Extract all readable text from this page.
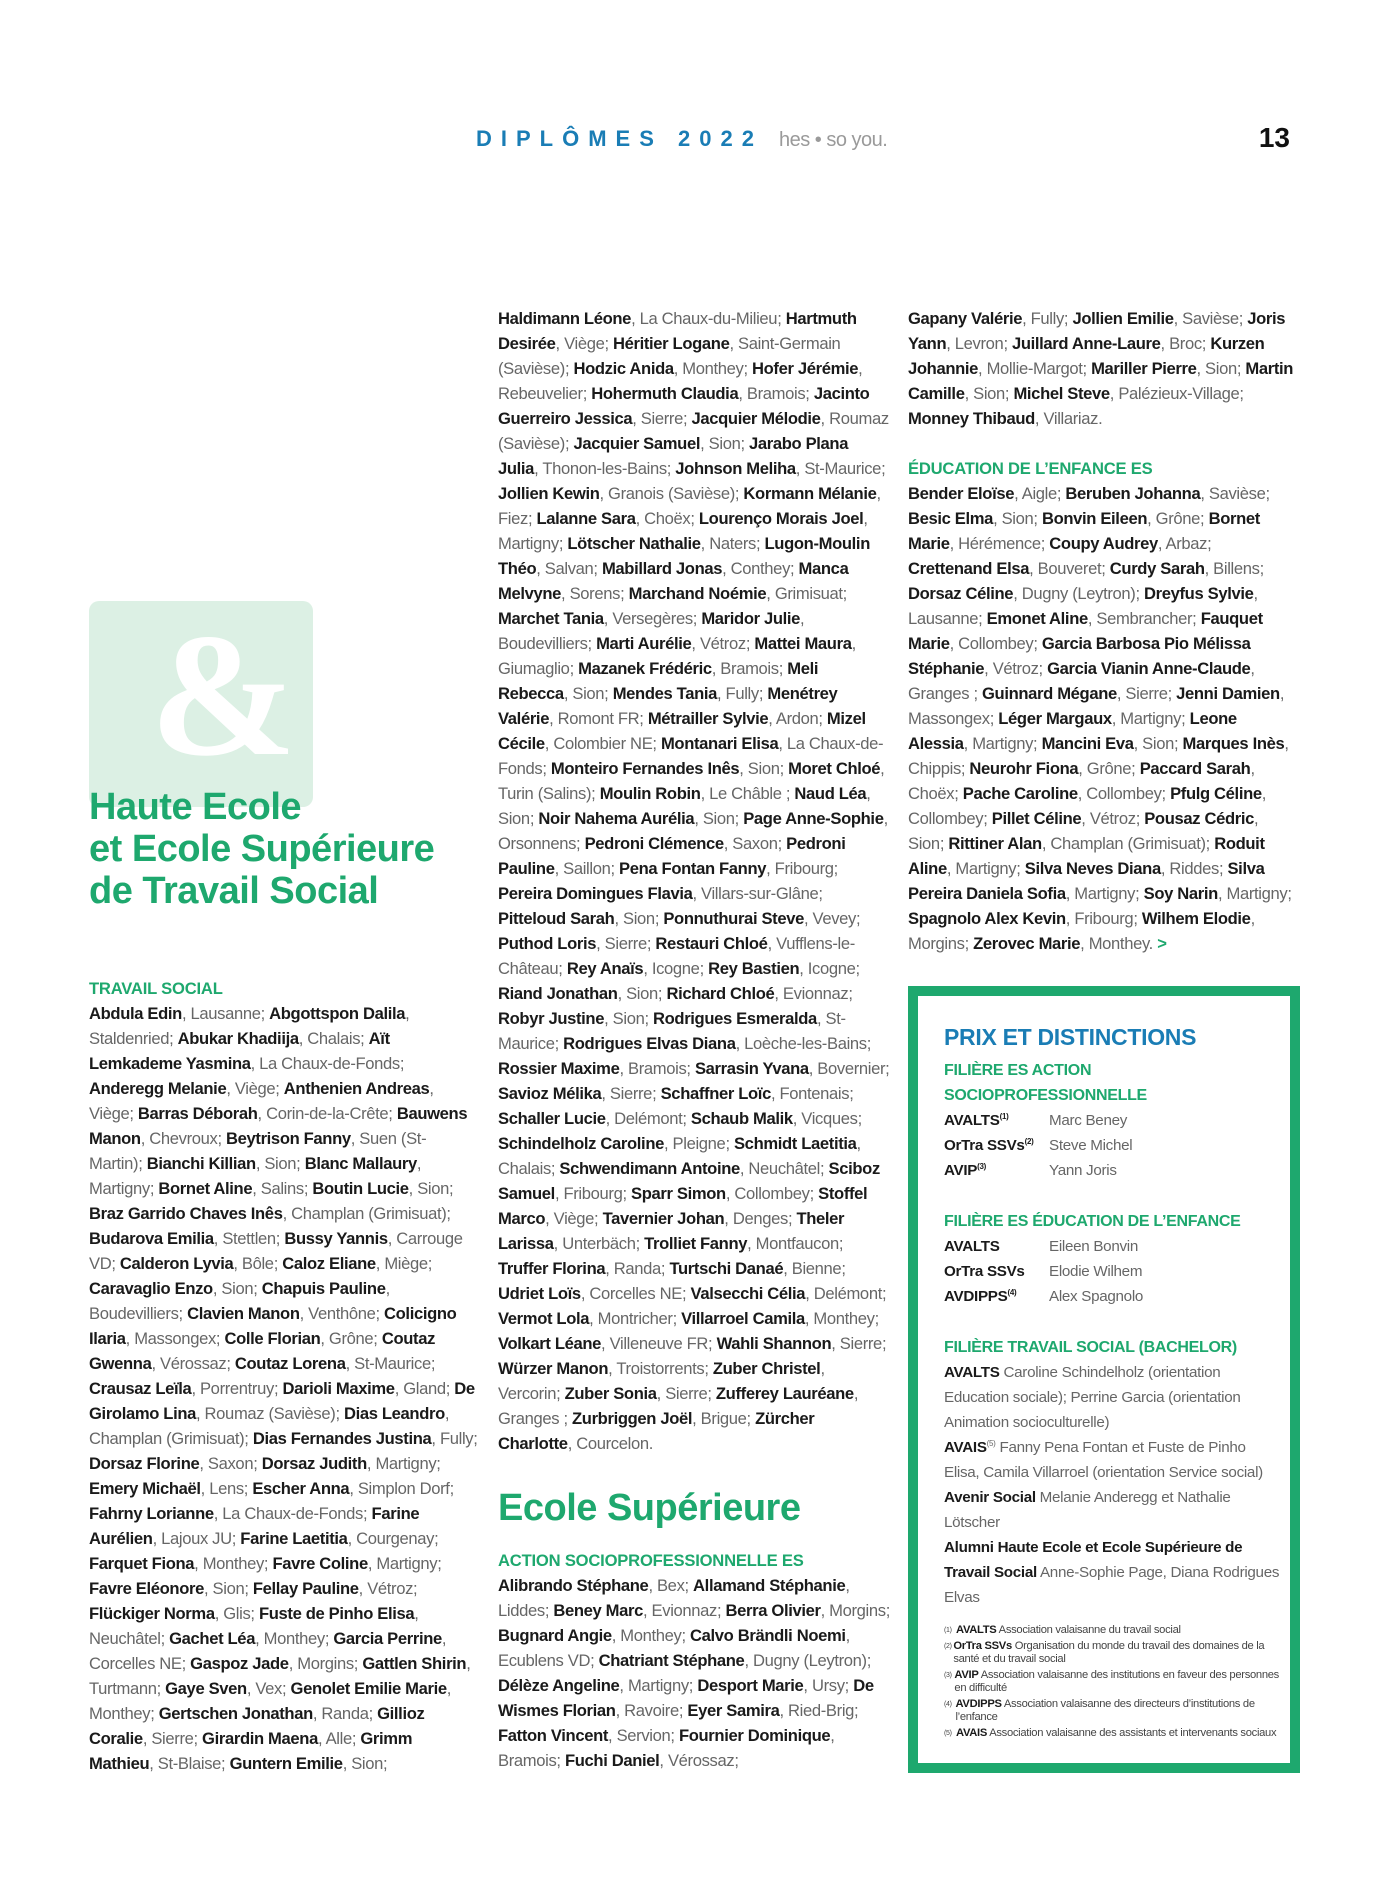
DIPLÔMES 2022 hes • so you.	13
&
Haute Ecole
et Ecole Supérieure
de Travail Social
TRAVAIL SOCIAL
Abdula Edin, Lausanne; Abgottspon Dalila, Staldenried; Abukar Khadiija, Chalais; Aït Lemkademe Yasmina, La Chaux-de-Fonds; Anderegg Melanie, Viège; Anthenien Andreas, Viège; Barras Déborah, Corin-de-la-Crête; Bauwens Manon, Chevroux; Beytrison Fanny, Suen (St-Martin); Bianchi Killian, Sion; Blanc Mallaury, Martigny; Bornet Aline, Salins; Boutin Lucie, Sion; Braz Garrido Chaves Inês, Champlan (Grimisuat); Budarova Emilia, Stettlen; Bussy Yannis, Carrouge VD; Calderon Lyvia, Bôle; Caloz Eliane, Miège; Caravaglio Enzo, Sion; Chapuis Pauline, Boudevilliers; Clavien Manon, Venthône; Colicigno Ilaria, Massongex; Colle Florian, Grône; Coutaz Gwenna, Vérossaz; Coutaz Lorena, St-Maurice; Crausaz Leïla, Porrentruy; Darioli Maxime, Gland; De Girolamo Lina, Roumaz (Savièse); Dias Leandro, Champlan (Grimisuat); Dias Fernandes Justina, Fully; Dorsaz Florine, Saxon; Dorsaz Judith, Martigny; Emery Michaël, Lens; Escher Anna, Simplon Dorf; Fahrny Lorianne, La Chaux-de-Fonds; Farine Aurélien, Lajoux JU; Farine Laetitia, Courgenay; Farquet Fiona, Monthey; Favre Coline, Martigny; Favre Eléonore, Sion; Fellay Pauline, Vétroz; Flückiger Norma, Glis; Fuste de Pinho Elisa, Neuchâtel; Gachet Léa, Monthey; Garcia Perrine, Corcelles NE; Gaspoz Jade, Morgins; Gattlen Shirin, Turtmann; Gaye Sven, Vex; Genolet Emilie Marie, Monthey; Gertschen Jonathan, Randa; Gillioz Coralie, Sierre; Girardin Maena, Alle; Grimm Mathieu, St-Blaise; Guntern Emilie, Sion;
Haldimann Léone, La Chaux-du-Milieu; Hartmuth Desirée, Viège; Héritier Logane, Saint-Germain (Savièse); Hodzic Anida, Monthey; Hofer Jérémie, Rebeuvelier; Hohermuth Claudia, Bramois; Jacinto Guerreiro Jessica, Sierre; Jacquier Mélodie, Roumaz (Savièse); Jacquier Samuel, Sion; Jarabo Plana Julia, Thonon-les-Bains; Johnson Meliha, St-Maurice; Jollien Kewin, Granois (Savièse); Kormann Mélanie, Fiez; Lalanne Sara, Choëx; Lourenço Morais Joel, Martigny; Lötscher Nathalie, Naters; Lugon-Moulin Théo, Salvan; Mabillard Jonas, Conthey; Manca Melvyne, Sorens; Marchand Noémie, Grimisuat; Marchet Tania, Versegères; Maridor Julie, Boudevilliers; Marti Aurélie, Vétroz; Mattei Maura, Giumaglio; Mazanek Frédéric, Bramois; Meli Rebecca, Sion; Mendes Tania, Fully; Menétrey Valérie, Romont FR; Métrailler Sylvie, Ardon; Mizel Cécile, Colombier NE; Montanari Elisa, La Chaux-de-Fonds; Monteiro Fernandes Inês, Sion; Moret Chloé, Turin (Salins); Moulin Robin, Le Châble ; Naud Léa, Sion; Noir Nahema Aurélia, Sion; Page Anne-Sophie, Orsonnens; Pedroni Clémence, Saxon; Pedroni Pauline, Saillon; Pena Fontan Fanny, Fribourg; Pereira Domingues Flavia, Villars-sur-Glâne; Pitteloud Sarah, Sion; Ponnuthurai Steve, Vevey; Puthod Loris, Sierre; Restauri Chloé, Vufflens-le-Château; Rey Anaïs, Icogne; Rey Bastien, Icogne; Riand Jonathan, Sion; Richard Chloé, Evionnaz; Robyr Justine, Sion; Rodrigues Esmeralda, St-Maurice; Rodrigues Elvas Diana, Loèche-les-Bains; Rossier Maxime, Bramois; Sarrasin Yvana, Bovernier; Savioz Mélika, Sierre; Schaffner Loïc, Fontenais; Schaller Lucie, Delémont; Schaub Malik, Vicques; Schindelholz Caroline, Pleigne; Schmidt Laetitia, Chalais; Schwendimann Antoine, Neuchâtel; Sciboz Samuel, Fribourg; Sparr Simon, Collombey; Stoffel Marco, Viège; Tavernier Johan, Denges; Theler Larissa, Unterbäch; Trolliet Fanny, Montfaucon; Truffer Florina, Randa; Turtschi Danaé, Bienne; Udriet Loïs, Corcelles NE; Valsecchi Célia, Delémont; Vermot Lola, Montricher; Villarroel Camila, Monthey; Volkart Léane, Villeneuve FR; Wahli Shannon, Sierre; Würzer Manon, Troistorrents; Zuber Christel, Vercorin; Zuber Sonia, Sierre; Zufferey Lauréane, Granges ; Zurbriggen Joël, Brigue; Zürcher Charlotte, Courcelon.
Ecole Supérieure
ACTION SOCIOPROFESSIONNELLE ES
Alibrando Stéphane, Bex; Allamand Stéphanie, Liddes; Beney Marc, Evionnaz; Berra Olivier, Morgins; Bugnard Angie, Monthey; Calvo Brändli Noemi, Ecublens VD; Chatriant Stéphane, Dugny (Leytron); Délèze Angeline, Martigny; Desport Marie, Ursy; De Wismes Florian, Ravoire; Eyer Samira, Ried-Brig; Fatton Vincent, Servion; Fournier Dominique, Bramois; Fuchi Daniel, Vérossaz;
Gapany Valérie, Fully; Jollien Emilie, Savièse; Joris Yann, Levron; Juillard Anne-Laure, Broc; Kurzen Johannie, Mollie-Margot; Mariller Pierre, Sion; Martin Camille, Sion; Michel Steve, Palézieux-Village; Monney Thibaud, Villariaz.
ÉDUCATION DE L’ENFANCE ES
Bender Eloïse, Aigle; Beruben Johanna, Savièse; Besic Elma, Sion; Bonvin Eileen, Grône; Bornet Marie, Hérémence; Coupy Audrey, Arbaz; Crettenand Elsa, Bouveret; Curdy Sarah, Billens; Dorsaz Céline, Dugny (Leytron); Dreyfus Sylvie, Lausanne; Emonet Aline, Sembrancher; Fauquet Marie, Collombey; Garcia Barbosa Pio Mélissa Stéphanie, Vétroz; Garcia Vianin Anne-Claude, Granges ; Guinnard Mégane, Sierre; Jenni Damien, Massongex; Léger Margaux, Martigny; Leone Alessia, Martigny; Mancini Eva, Sion; Marques Inès, Chippis; Neurohr Fiona, Grône; Paccard Sarah, Choëx; Pache Caroline, Collombey; Pfulg Céline, Collombey; Pillet Céline, Vétroz; Pousaz Cédric, Sion; Rittiner Alan, Champlan (Grimisuat); Roduit Aline, Martigny; Silva Neves Diana, Riddes; Silva Pereira Daniela Sofia, Martigny; Soy Narin, Martigny; Spagnolo Alex Kevin, Fribourg; Wilhem Elodie, Morgins; Zerovec Marie, Monthey. >
PRIX ET DISTINCTIONS
FILIÈRE ES ACTION SOCIOPROFESSIONNELLE
AVALTS$^{(1)}$	Marc Beney
OrTra SSVs$^{(2)}$	Steve Michel
AVIP$^{(3)}$	Yann Joris
FILIÈRE ES ÉDUCATION DE L’ENFANCE
AVALTS	Eileen Bonvin
OrTra SSVs	Elodie Wilhem
AVDIPPS$^{(4)}$	Alex Spagnolo
FILIÈRE TRAVAIL SOCIAL (BACHELOR)
AVALTS Caroline Schindelholz (orientation Education sociale); Perrine Garcia (orientation Animation socioculturelle)
AVAIS$^{(5)}$ Fanny Pena Fontan et Fuste de Pinho Elisa, Camila Villarroel (orientation Service social)
Avenir Social Melanie Anderegg et Nathalie Lötscher
Alumni Haute Ecole et Ecole Supérieure de Travail Social Anne-Sophie Page, Diana Rodrigues Elvas
(1) AVALTS Association valaisanne du travail social
(2) OrTra SSVs Organisation du monde du travail des domaines de la santé et du travail social
(3) AVIP Association valaisanne des institutions en faveur des personnes en difficulté
(4) AVDIPPS Association valaisanne des directeurs d’institutions de l’enfance
(5) AVAIS Association valaisanne des assistants et intervenants sociaux
